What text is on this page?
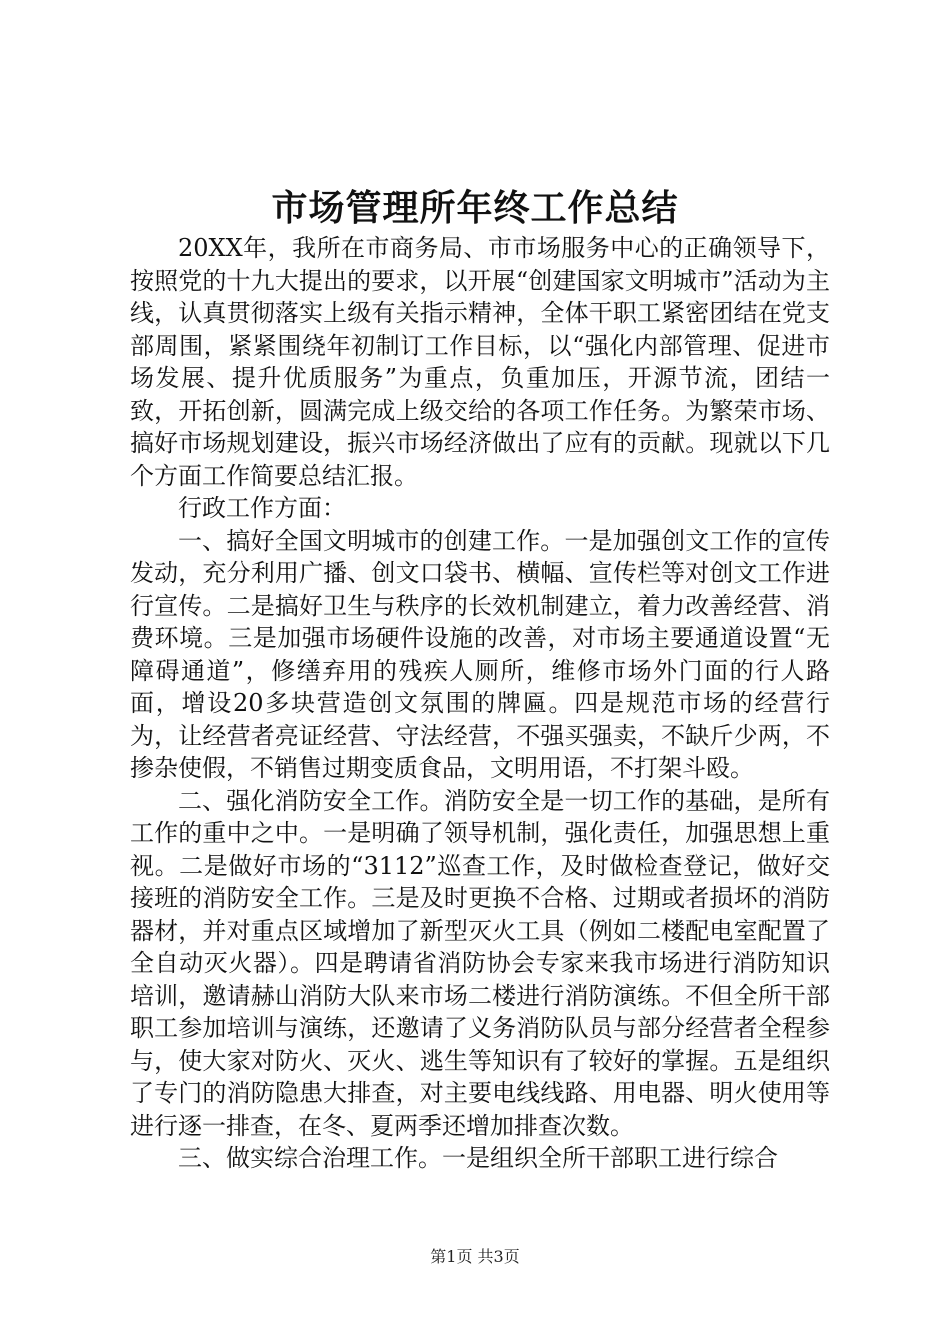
市场管理所年终工作总结

20XX年，我所在市商务局、市市场服务中心的正确领导下，按照党的十九大提出的要求，以开展“创建国家文明城市”活动为主线，认真贯彻落实上级有关指示精神，全体干职工紧密团结在党支部周围，紧紧围绕年初制订工作目标，以“强化内部管理、促进市场发展、提升优质服务”为重点，负重加压，开源节流，团结一致，开拓创新，圆满完成上级交给的各项工作任务。为繁荣市场、搞好市场规划建设，振兴市场经济做出了应有的贡献。现就以下几个方面工作简要总结汇报。

行政工作方面：

一、搞好全国文明城市的创建工作。一是加强创文工作的宣传发动，充分利用广播、创文口袋书、横幅、宣传栏等对创文工作进行宣传。二是搞好卫生与秩序的长效机制建立，着力改善经营、消费环境。三是加强市场硬件设施的改善，对市场主要通道设置“无障碍通道”，修缮弃用的残疾人厕所，维修市场外门面的行人路面，增设20多块营造创文氛围的牌匾。四是规范市场的经营行为，让经营者亮证经营、守法经营，不强买强卖，不缺斤少两，不掺杂使假，不销售过期变质食品，文明用语，不打架斗殴。

二、强化消防安全工作。消防安全是一切工作的基础，是所有工作的重中之中。一是明确了领导机制，强化责任，加强思想上重视。二是做好市场的“3112”巡查工作，及时做检查登记，做好交接班的消防安全工作。三是及时更换不合格、过期或者损坏的消防器材，并对重点区域增加了新型灭火工具（例如二楼配电室配置了全自动灭火器）。四是聘请省消防协会专家来我市场进行消防知识培训，邀请赫山消防大队来市场二楼进行消防演练。不但全所干部职工参加培训与演练，还邀请了义务消防队员与部分经营者全程参与，使大家对防火、灭火、逃生等知识有了较好的掌握。五是组织了专门的消防隐患大排查，对主要电线线路、用电器、明火使用等进行逐一排查，在冬、夏两季还增加排查次数。

三、做实综合治理工作。一是组织全所干部职工进行综合

第1页 共3页
